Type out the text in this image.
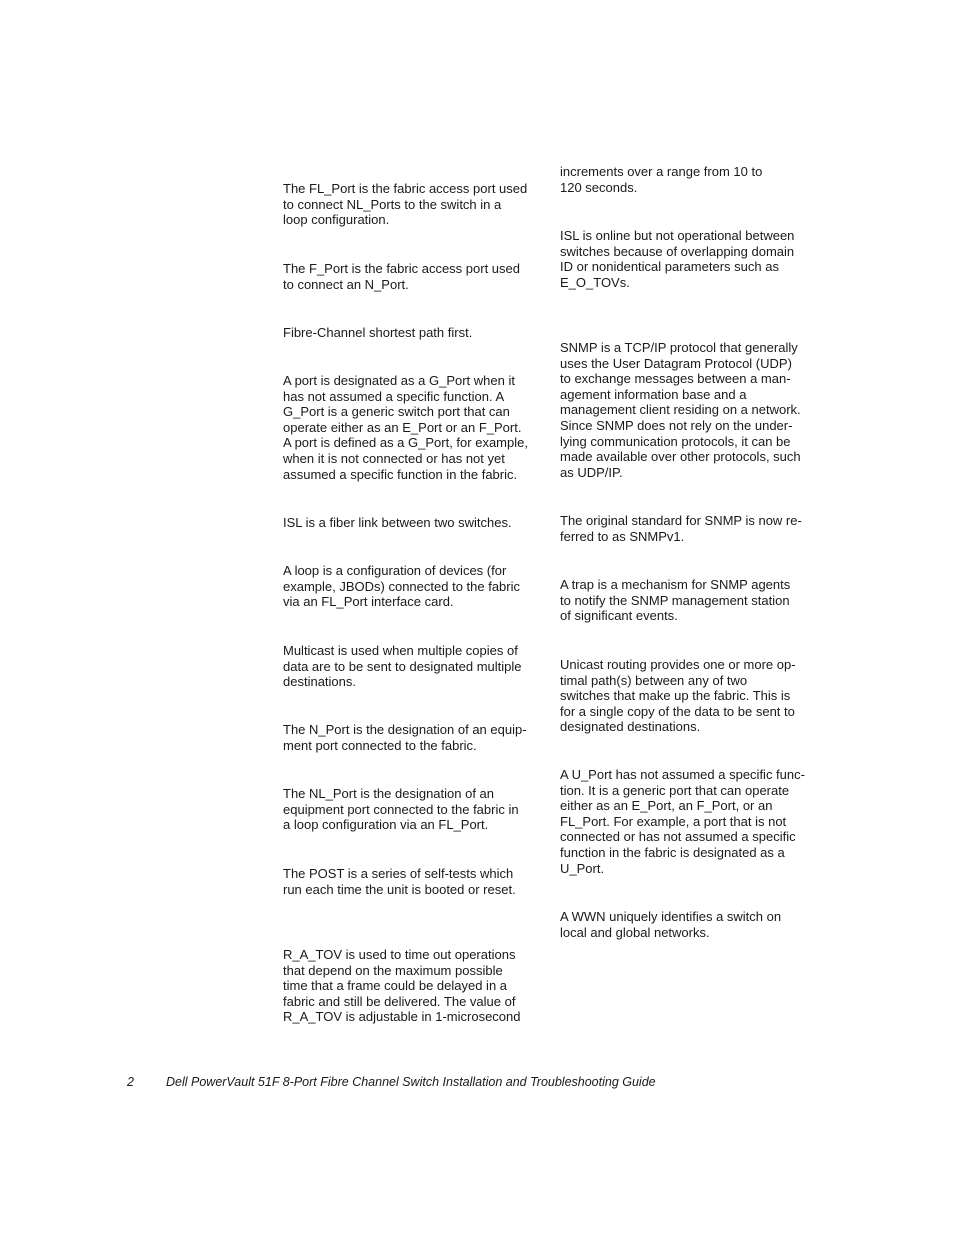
The FL_Port is the fabric access port used
to connect NL_Ports to the switch in a
loop configuration.

The F_Port is the fabric access port used
to connect an N_Port.

Fibre-Channel shortest path first.

A port is designated as a G_Port when it
has not assumed a specific function. A
G_Port is a generic switch port that can
operate either as an E_Port or an F_Port.
A port is defined as a G_Port, for example,
when it is not connected or has not yet
assumed a specific function in the fabric.

ISL is a fiber link between two switches.

A loop is a configuration of devices (for
example, JBODs) connected to the fabric
via an FL_Port interface card.

Multicast is used when multiple copies of
data are to be sent to designated multiple
destinations.

The N_Port is the designation of an equip-
ment port connected to the fabric.

The NL_Port is the designation of an
equipment port connected to the fabric in
a loop configuration via an FL_Port.

The POST is a series of self-tests which
run each time the unit is booted or reset.

R_A_TOV is used to time out operations
that depend on the maximum possible
time that a frame could be delayed in a
fabric and still be delivered. The value of
R_A_TOV is adjustable in 1-microsecond

increments over a range from 10 to
120 seconds.

ISL is online but not operational between
switches because of overlapping domain
ID or nonidentical parameters such as
E_O_TOVs.

SNMP is a TCP/IP protocol that generally
uses the User Datagram Protocol (UDP)
to exchange messages between a man-
agement information base and a
management client residing on a network.
Since SNMP does not rely on the under-
lying communication protocols, it can be
made available over other protocols, such
as UDP/IP.

The original standard for SNMP is now re-
ferred to as SNMPv1.

A trap is a mechanism for SNMP agents
to notify the SNMP management station
of significant events.

Unicast routing provides one or more op-
timal path(s) between any of two
switches that make up the fabric. This is
for a single copy of the data to be sent to
designated destinations.

A U_Port has not assumed a specific func-
tion. It is a generic port that can operate
either as an E_Port, an F_Port, or an
FL_Port. For example, a port that is not
connected or has not assumed a specific
function in the fabric is designated as a
U_Port.

A WWN uniquely identifies a switch on
local and global networks.

2	Dell PowerVault 51F 8-Port Fibre Channel Switch Installation and Troubleshooting Guide
